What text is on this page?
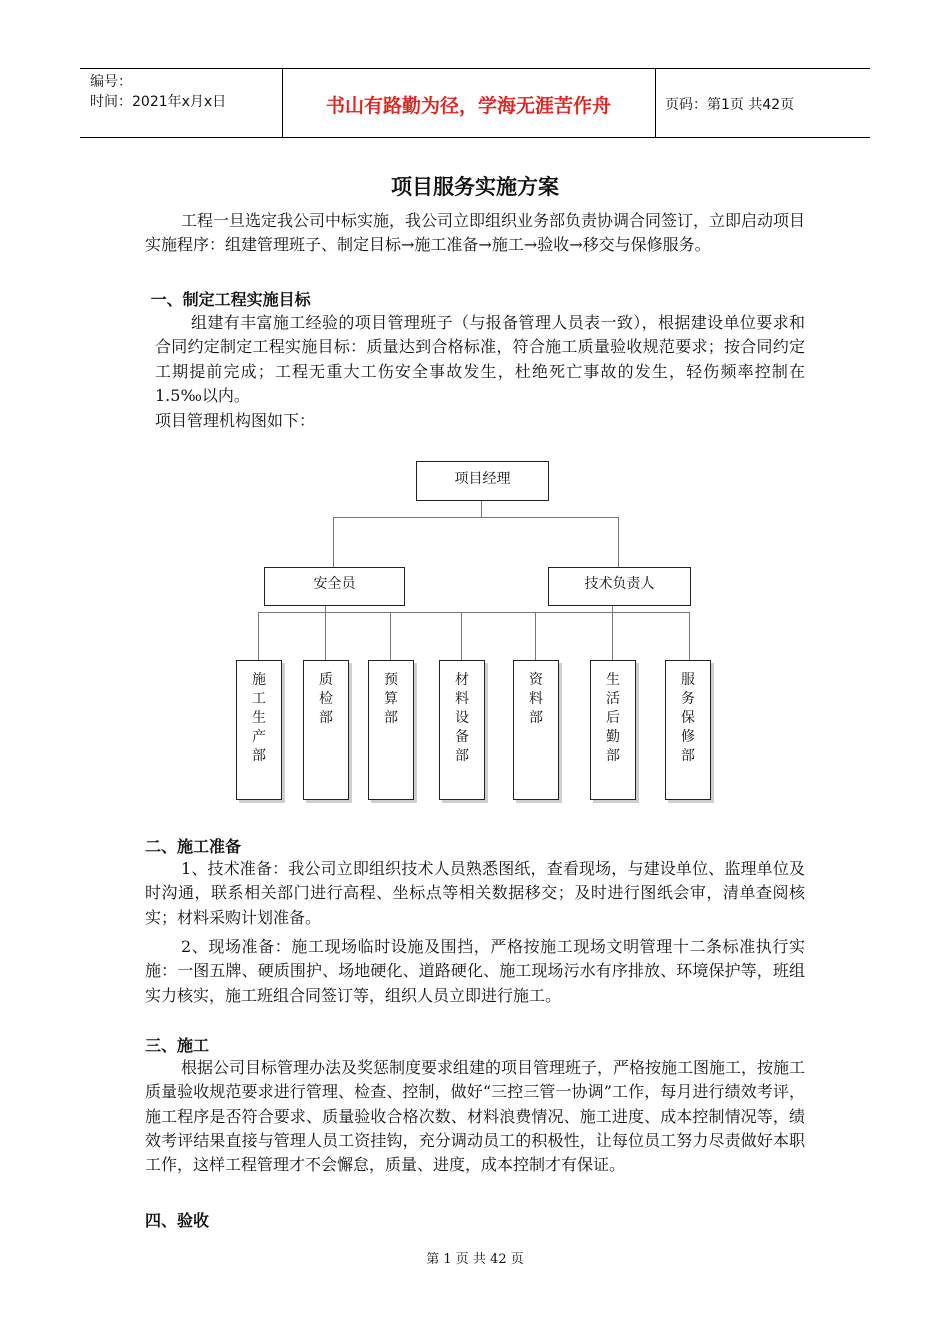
编号：
时间：2021年x月x日	书山有路勤为径，学海无涯苦作舟	页码：第1页 共42页
项目服务实施方案
工程一旦选定我公司中标实施，我公司立即组织业务部负责协调合同签订，立即启动项目实施程序：组建管理班子、制定目标→施工准备→施工→验收→移交与保修服务。
一、制定工程实施目标
组建有丰富施工经验的项目管理班子（与报备管理人员表一致），根据建设单位要求和合同约定制定工程实施目标：质量达到合格标准，符合施工质量验收规范要求；按合同约定工期提前完成；工程无重大工伤安全事故发生，杜绝死亡事故的发生，轻伤频率控制在1.5‰以内。
项目管理机构图如下：
项目经理
安全员	技术负责人
施工生产部
质检部
预算部
材料设备部
资料部
生活后勤部
服务保修部
二、施工准备
1、技术准备：我公司立即组织技术人员熟悉图纸，查看现场，与建设单位、监理单位及时沟通，联系相关部门进行高程、坐标点等相关数据移交；及时进行图纸会审，清单查阅核实；材料采购计划准备。
2、现场准备：施工现场临时设施及围挡，严格按施工现场文明管理十二条标准执行实施：一图五牌、硬质围护、场地硬化、道路硬化、施工现场污水有序排放、环境保护等，班组实力核实，施工班组合同签订等，组织人员立即进行施工。
三、施工
根据公司目标管理办法及奖惩制度要求组建的项目管理班子，严格按施工图施工，按施工质量验收规范要求进行管理、检查、控制，做好“三控三管一协调”工作，每月进行绩效考评，施工程序是否符合要求、质量验收合格次数、材料浪费情况、施工进度、成本控制情况等，绩效考评结果直接与管理人员工资挂钩，充分调动员工的积极性，让每位员工努力尽责做好本职工作，这样工程管理才不会懈怠，质量、进度，成本控制才有保证。
四、验收
第 1 页 共 42 页
